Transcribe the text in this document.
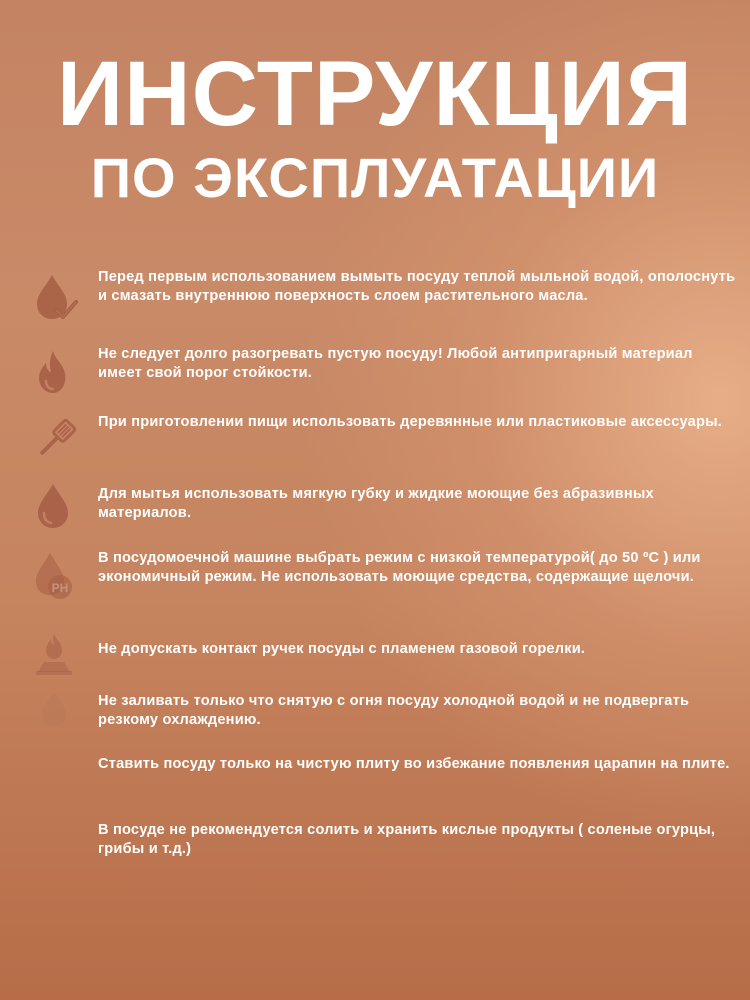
ИНСТРУКЦИЯ
ПО ЭКСПЛУАТАЦИИ
Перед первым использованием вымыть посуду теплой мыльной водой, ополоснуть и смазать внутреннюю поверхность слоем растительного масла.
Не следует долго разогревать пустую посуду! Любой антипригарный материал имеет свой порог стойкости.
При приготовлении пищи использовать деревянные или пластиковые аксессуары.
Для мытья использовать мягкую губку и жидкие моющие без абразивных материалов.
PH
В посудомоечной машине выбрать режим с низкой температурой( до 50 ºC ) или экономичный режим. Не использовать моющие средства, содержащие щелочи.
Не допускать контакт ручек посуды с пламенем газовой горелки.
Не заливать только что снятую с огня посуду холодной водой и не подвергать резкому охлаждению.
Ставить посуду только на чистую плиту во избежание появления царапин на плите.
В посуде не рекомендуется солить и хранить кислые продукты ( соленые огурцы, грибы и т.д.)
